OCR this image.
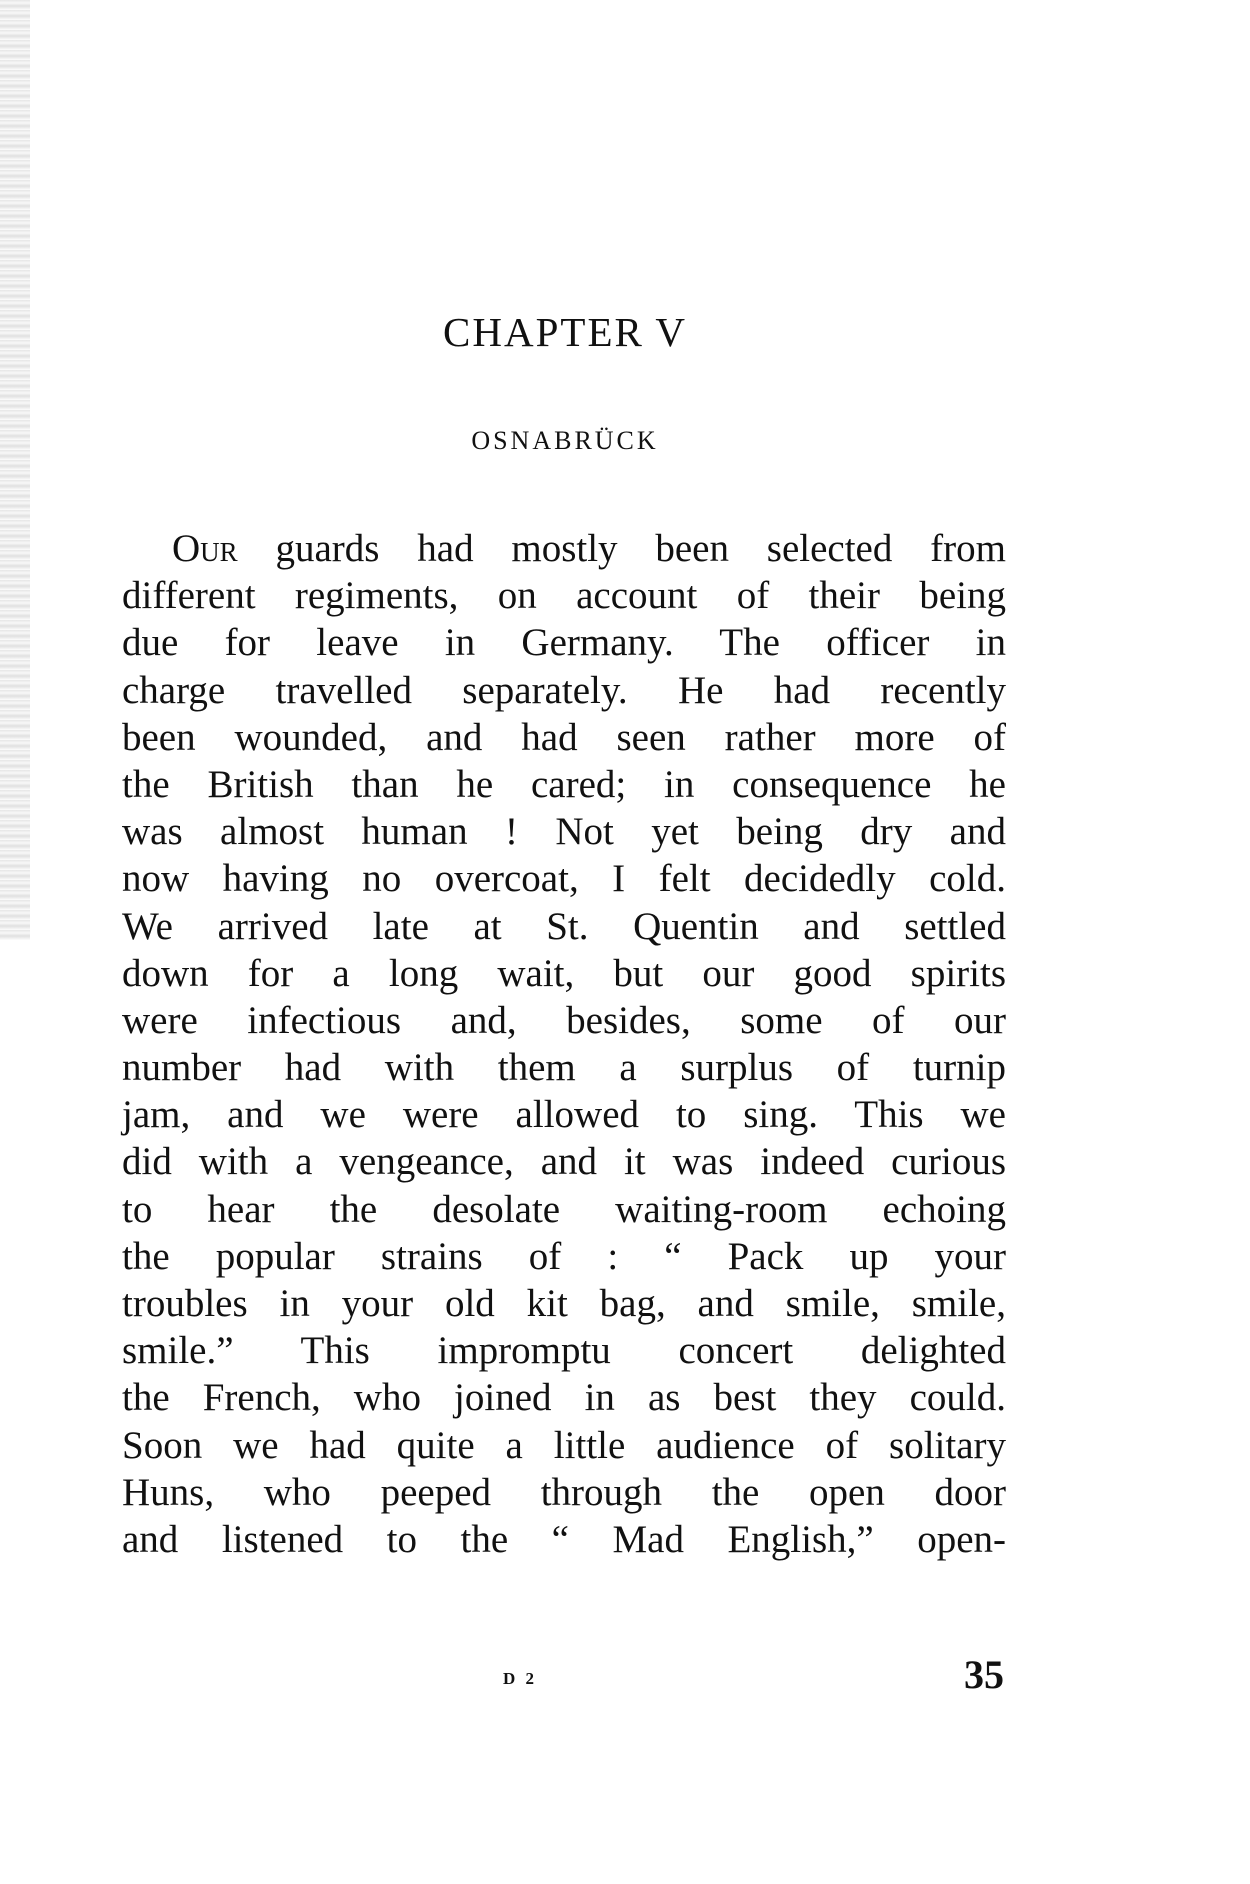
CHAPTER V
OSNABRÜCK
Our guards had mostly been selected from
different regiments, on account of their being
due for leave in Germany. The officer in
charge travelled separately. He had recently
been wounded, and had seen rather more of
the British than he cared; in consequence he
was almost human ! Not yet being dry and
now having no overcoat, I felt decidedly cold.
We arrived late at St. Quentin and settled
down for a long wait, but our good spirits
were infectious and, besides, some of our
number had with them a surplus of turnip
jam, and we were allowed to sing. This we
did with a vengeance, and it was indeed curious
to hear the desolate waiting-room echoing
the popular strains of : “ Pack up your
troubles in your old kit bag, and smile, smile,
smile.” This impromptu concert delighted
the French, who joined in as best they could.
Soon we had quite a little audience of solitary
Huns, who peeped through the open door
and listened to the “ Mad English,” open-
D 2	35
